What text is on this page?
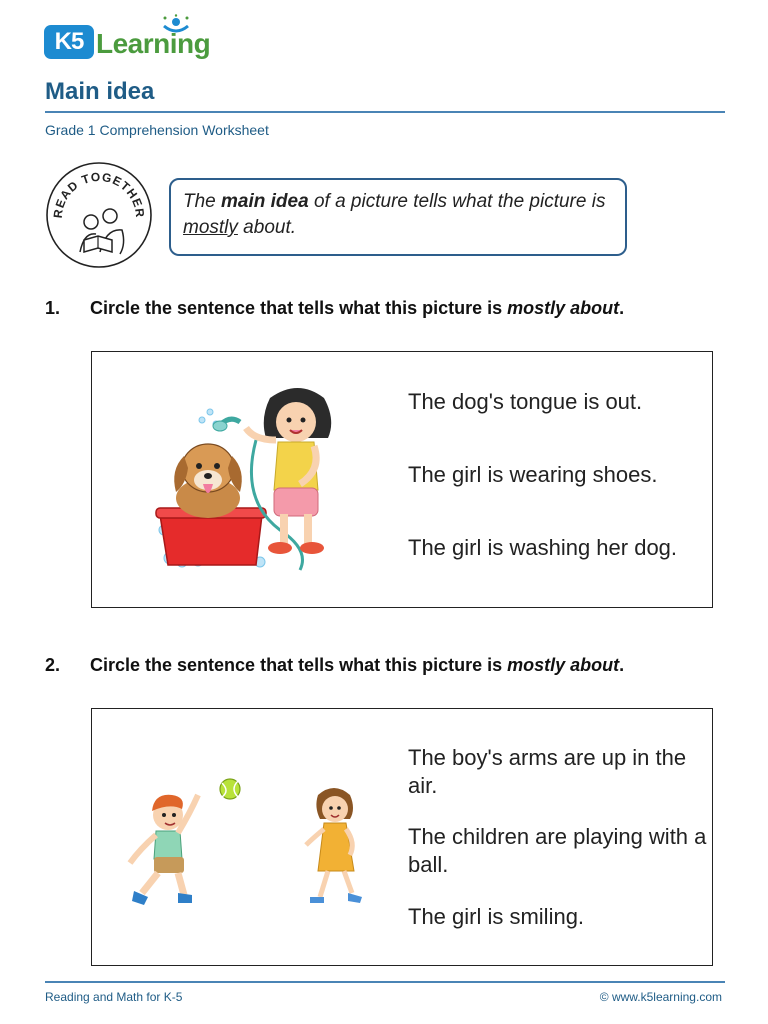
K5 Learning
Main idea
Grade 1 Comprehension Worksheet
READ TOGETHER
The main idea of a picture tells what the picture is mostly about.
1. Circle the sentence that tells what this picture is mostly about.
The dog's tongue is out.
The girl is wearing shoes.
The girl is washing her dog.
2. Circle the sentence that tells what this picture is mostly about.
The boy's arms are up in the air.
The children are playing with a ball.
The girl is smiling.
Reading and Math for K-5	© www.k5learning.com
